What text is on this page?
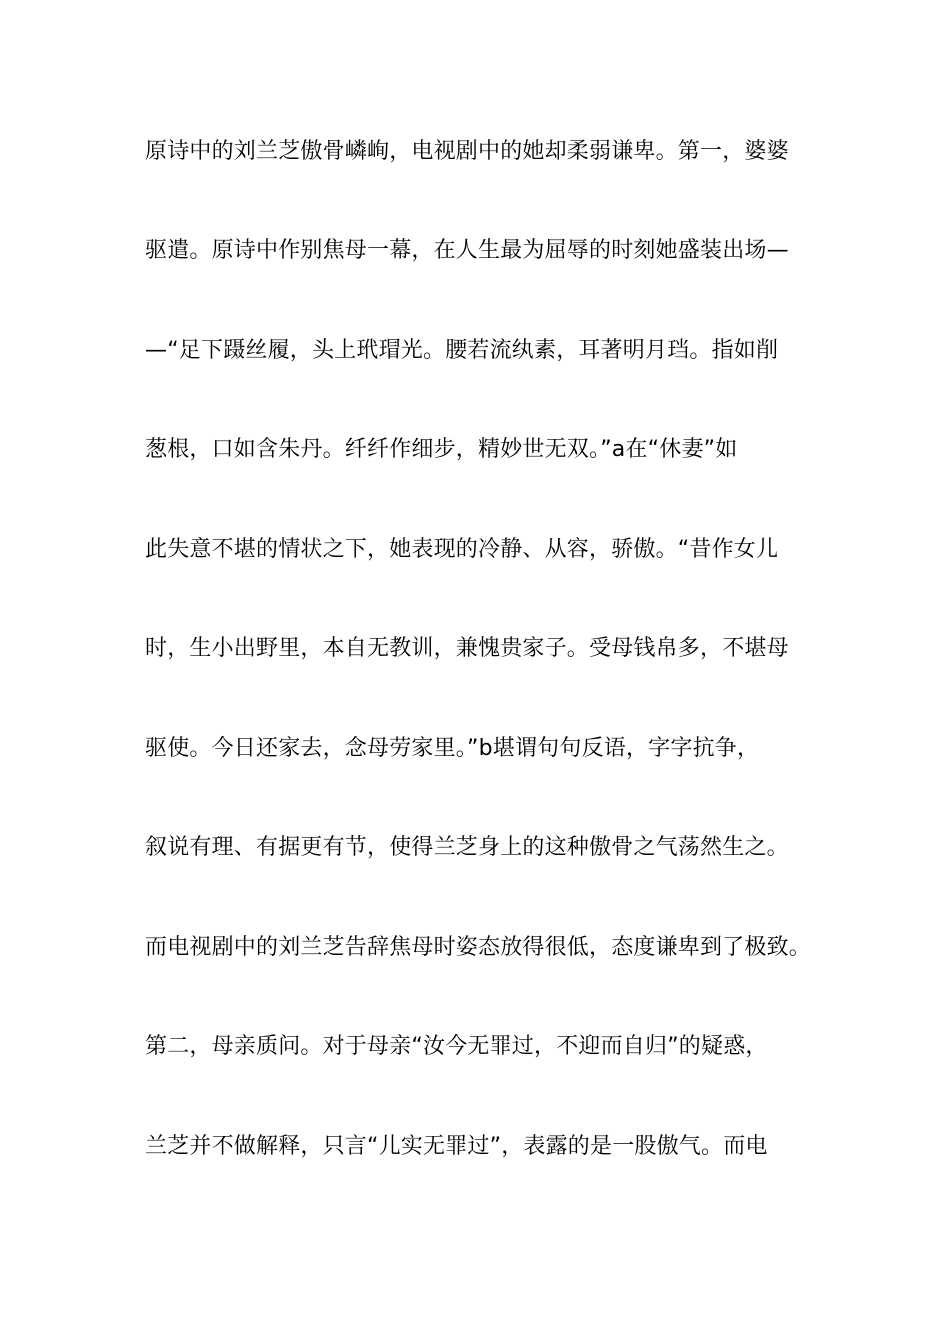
原诗中的刘兰芝傲骨嶙峋，电视剧中的她却柔弱谦卑。第一，婆婆
驱遣。原诗中作别焦母一幕，在人生最为屈辱的时刻她盛装出场—
—“足下蹑丝履，头上玳瑁光。腰若流纨素，耳著明月珰。指如削
葱根，口如含朱丹。纤纤作细步，精妙世无双。”a在“休妻”如
此失意不堪的情状之下，她表现的冷静、从容，骄傲。“昔作女儿
时，生小出野里，本自无教训，兼愧贵家子。受母钱帛多，不堪母
驱使。今日还家去，念母劳家里。”b堪谓句句反语，字字抗争，
叙说有理、有据更有节，使得兰芝身上的这种傲骨之气荡然生之。
而电视剧中的刘兰芝告辞焦母时姿态放得很低，态度谦卑到了极致。
第二，母亲质问。对于母亲“汝今无罪过，不迎而自归”的疑惑，
兰芝并不做解释，只言“儿实无罪过”，表露的是一股傲气。而电
